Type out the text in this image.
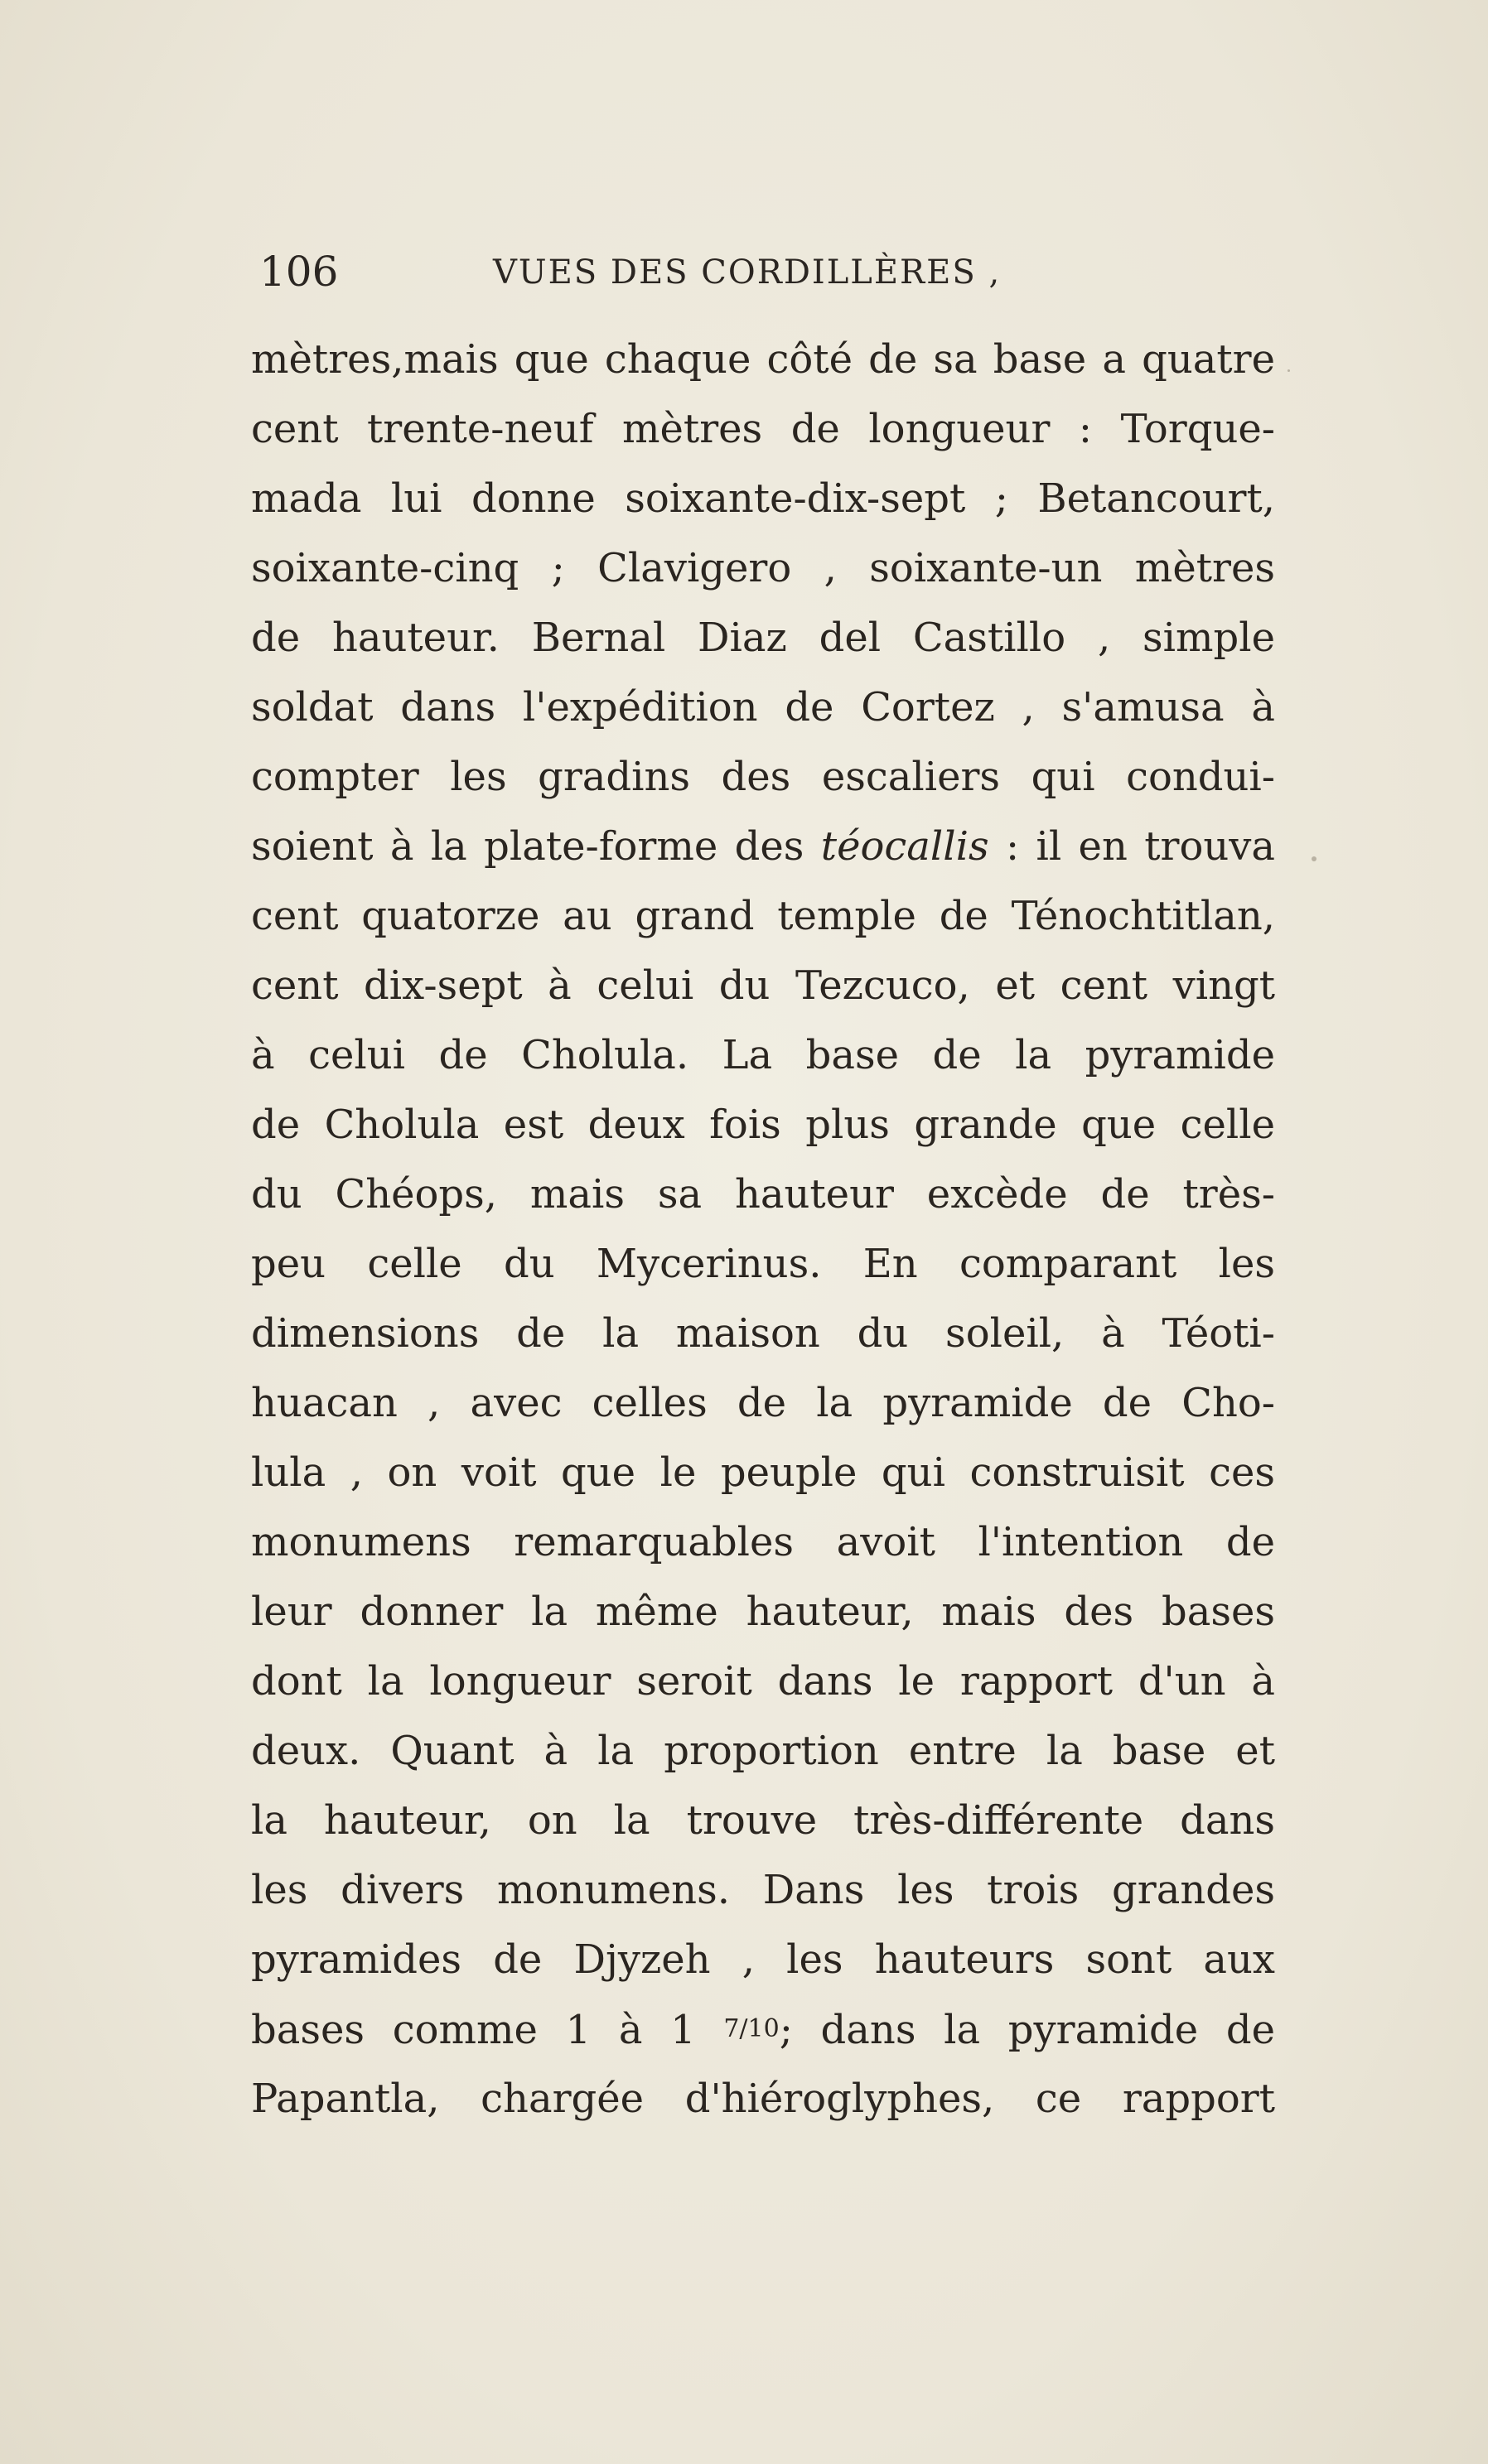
106	VUES DES CORDILLÈRES ,
mètres,mais que chaque côté de sa base a quatre
cent trente-neuf mètres de longueur : Torque-
mada lui donne soixante-dix-sept ; Betancourt,
soixante-cinq ; Clavigero , soixante-un mètres
de hauteur. Bernal Diaz del Castillo , simple
soldat dans l'expédition de Cortez , s'amusa à
compter les gradins des escaliers qui condui-
soient à la plate-forme des téocallis : il en trouva
cent quatorze au grand temple de Ténochtitlan,
cent dix-sept à celui du Tezcuco, et cent vingt
à celui de Cholula. La base de la pyramide
de Cholula est deux fois plus grande que celle
du Chéops, mais sa hauteur excède de très-
peu celle du Mycerinus. En comparant les
dimensions de la maison du soleil, à Téoti-
huacan , avec celles de la pyramide de Cho-
lula , on voit que le peuple qui construisit ces
monumens remarquables avoit l'intention de
leur donner la même hauteur, mais des bases
dont la longueur seroit dans le rapport d'un à
deux. Quant à la proportion entre la base et
la hauteur, on la trouve très-différente dans
les divers monumens. Dans les trois grandes
pyramides de Djyzeh , les hauteurs sont aux
bases comme 1 à 1 7/10; dans la pyramide de
Papantla, chargée d'hiéroglyphes, ce rapport
